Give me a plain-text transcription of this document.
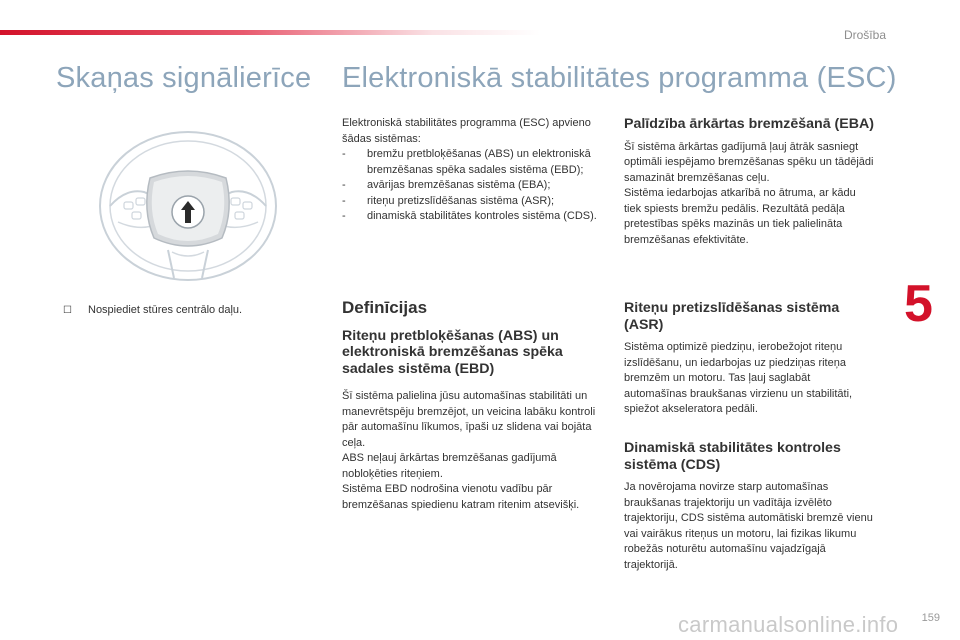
Drošība
Skaņas signālierīce Elektroniskā stabilitātes programma (ESC)

☐ Nospiediet stūres centrālo daļu.

Elektroniskā stabilitātes programma (ESC) apvieno šādas sistēmas:

- bremžu pretbloķēšanas (ABS) un elektroniskā bremzēšanas spēka sadales sistēma (EBD);

- avārijas bremzēšanas sistēma (EBA);

- riteņu pretizslīdēšanas sistēma (ASR);

- dinamiskā stabilitātes kontroles sistēma (CDS).

Definīcijas

Riteņu pretbloķēšanas (ABS) un elektroniskā bremzēšanas spēka sadales sistēma (EBD)

Šī sistēma palielina jūsu automašīnas stabilitāti un manevrētspēju bremzējot, un veicina labāku kontroli pār automašīnu līkumos, īpaši uz slidena vai bojāta ceļa.

ABS neļauj ārkārtas bremzēšanas gadījumā nobloķēties riteņiem.

Sistēma EBD nodrošina vienotu vadību pār bremzēšanas spiedienu katram ritenim atsevišķi.

Palīdzība ārkārtas bremzēšanā (EBA)

Šī sistēma ārkārtas gadījumā ļauj ātrāk sasniegt optimāli iespējamo bremzēšanas spēku un tādējādi samazināt bremzēšanas ceļu.

Sistēma iedarbojas atkarībā no ātruma, ar kādu tiek spiests bremžu pedālis. Rezultātā pedāļa pretestības spēks mazinās un tiek palielināta bremzēšanas efektivitāte.

Riteņu pretizslīdēšanas sistēma (ASR)

Sistēma optimizē piedziņu, ierobežojot riteņu izslīdēšanu, un iedarbojas uz piedziņas riteņa bremzēm un motoru. Tas ļauj saglabāt automašīnas braukšanas virzienu un stabilitāti, spiežot akseleratora pedāli.

Dinamiskā stabilitātes kontroles sistēma (CDS)

Ja novērojama novirze starp automašīnas braukšanas trajektoriju un vadītāja izvēlēto trajektoriju, CDS sistēma automātiski bremzē vienu vai vairākus riteņus un motoru, lai fizikas likumu robežās noturētu automašīnu vajadzīgajā trajektorijā.

5
carmanualsonline.info 159
